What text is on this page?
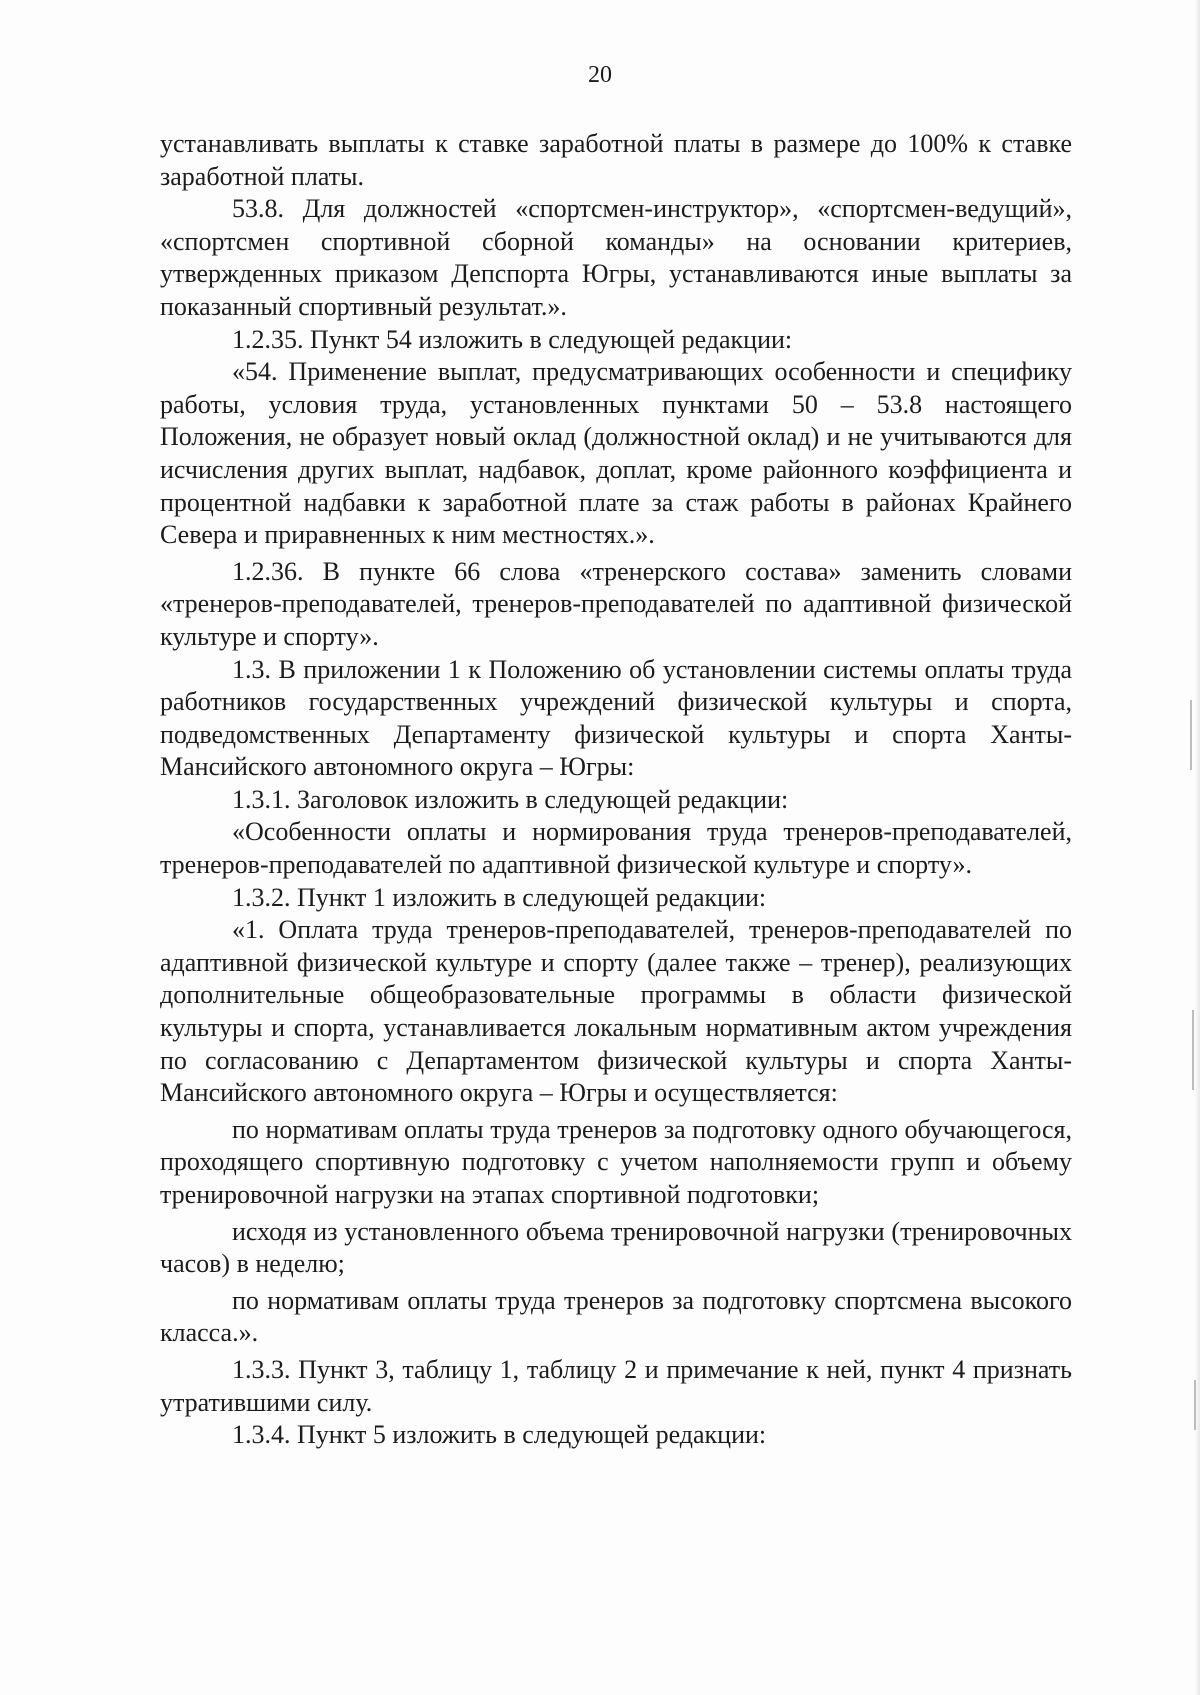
20

устанавливать выплаты к ставке заработной платы в размере до 100% к ставке заработной платы.

53.8. Для должностей «спортсмен-инструктор», «спортсмен-ведущий», «спортсмен спортивной сборной команды» на основании критериев, утвержденных приказом Депспорта Югры, устанавливаются иные выплаты за показанный спортивный результат.».

1.2.35. Пункт 54 изложить в следующей редакции:

«54. Применение выплат, предусматривающих особенности и специфику работы, условия труда, установленных пунктами 50 – 53.8 настоящего Положения, не образует новый оклад (должностной оклад) и не учитываются для исчисления других выплат, надбавок, доплат, кроме районного коэффициента и процентной надбавки к заработной плате за стаж работы в районах Крайнего Севера и приравненных к ним местностях.».

1.2.36. В пункте 66 слова «тренерского состава» заменить словами «тренеров-преподавателей, тренеров-преподавателей по адаптивной физической культуре и спорту».

1.3. В приложении 1 к Положению об установлении системы оплаты труда работников государственных учреждений физической культуры и спорта, подведомственных Департаменту физической культуры и спорта Ханты-Мансийского автономного округа – Югры:

1.3.1. Заголовок изложить в следующей редакции:

«Особенности оплаты и нормирования труда тренеров-преподавателей, тренеров-преподавателей по адаптивной физической культуре и спорту».

1.3.2. Пункт 1 изложить в следующей редакции:

«1. Оплата труда тренеров-преподавателей, тренеров-преподавателей по адаптивной физической культуре и спорту (далее также – тренер), реализующих дополнительные общеобразовательные программы в области физической культуры и спорта, устанавливается локальным нормативным актом учреждения по согласованию с Департаментом физической культуры и спорта Ханты-Мансийского автономного округа – Югры и осуществляется:

по нормативам оплаты труда тренеров за подготовку одного обучающегося, проходящего спортивную подготовку с учетом наполняемости групп и объему тренировочной нагрузки на этапах спортивной подготовки;

исходя из установленного объема тренировочной нагрузки (тренировочных часов) в неделю;

по нормативам оплаты труда тренеров за подготовку спортсмена высокого класса.».

1.3.3. Пункт 3, таблицу 1, таблицу 2 и примечание к ней, пункт 4 признать утратившими силу.

1.3.4. Пункт 5 изложить в следующей редакции:
